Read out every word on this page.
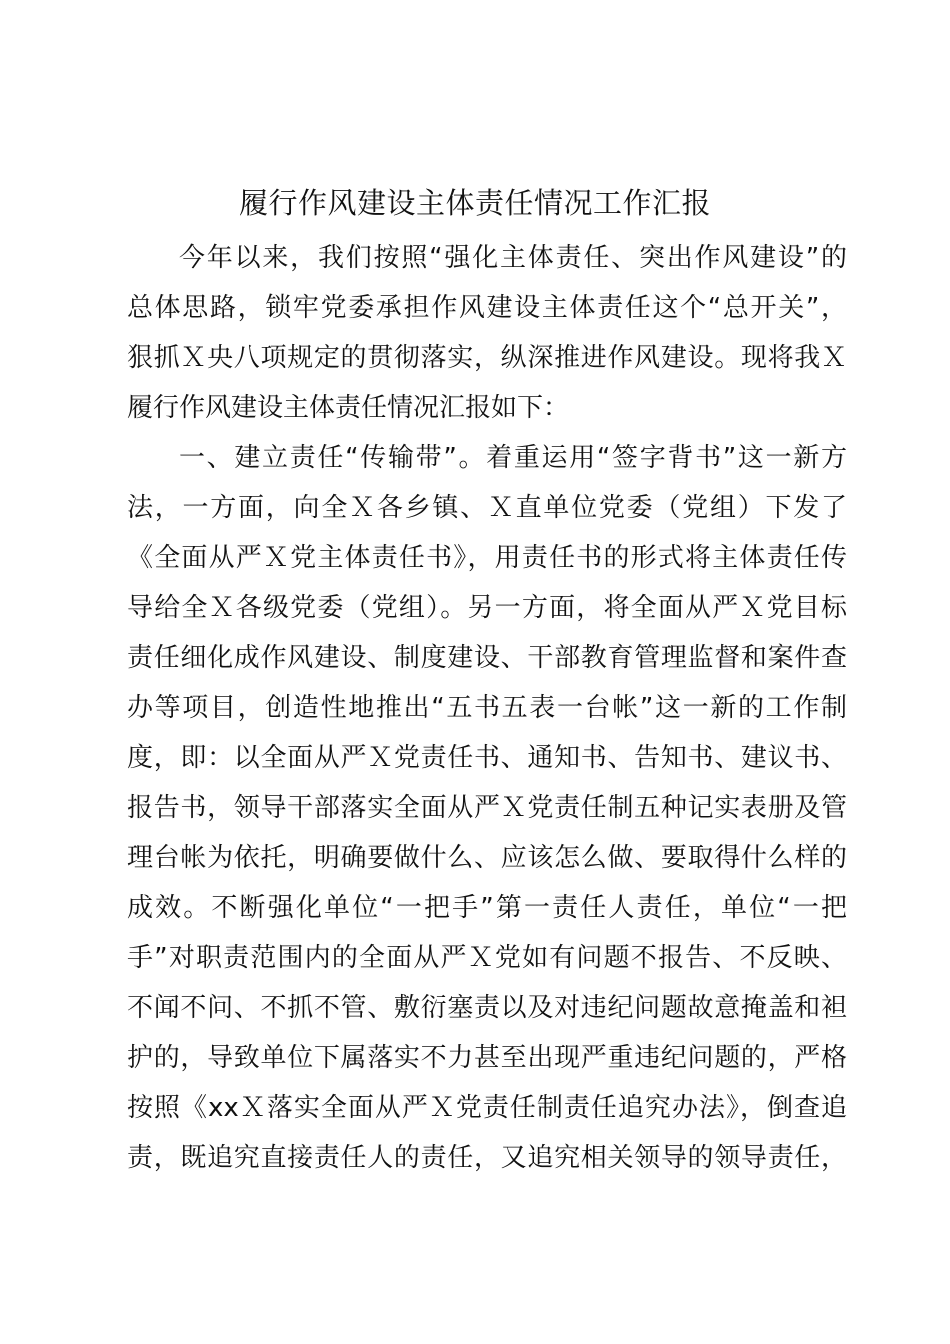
履行作风建设主体责任情况工作汇报
今年以来，我们按照“强化主体责任、突出作风建设”的
总体思路，锁牢党委承担作风建设主体责任这个“总开关”，
狠抓Ｘ央八项规定的贯彻落实，纵深推进作风建设。现将我Ｘ
履行作风建设主体责任情况汇报如下：
一、建立责任“传输带”。着重运用“签字背书”这一新方
法，一方面，向全Ｘ各乡镇、Ｘ直单位党委（党组）下发了
《全面从严Ｘ党主体责任书》，用责任书的形式将主体责任传
导给全Ｘ各级党委（党组）。另一方面，将全面从严Ｘ党目标
责任细化成作风建设、制度建设、干部教育管理监督和案件查
办等项目，创造性地推出“五书五表一台帐”这一新的工作制
度，即：以全面从严Ｘ党责任书、通知书、告知书、建议书、
报告书，领导干部落实全面从严Ｘ党责任制五种记实表册及管
理台帐为依托，明确要做什么、应该怎么做、要取得什么样的
成效。不断强化单位“一把手”第一责任人责任，单位“一把
手”对职责范围内的全面从严Ｘ党如有问题不报告、不反映、
不闻不问、不抓不管、敷衍塞责以及对违纪问题故意掩盖和袒
护的，导致单位下属落实不力甚至出现严重违纪问题的，严格
按照《xxＸ落实全面从严Ｘ党责任制责任追究办法》，倒查追
责，既追究直接责任人的责任，又追究相关领导的领导责任，
